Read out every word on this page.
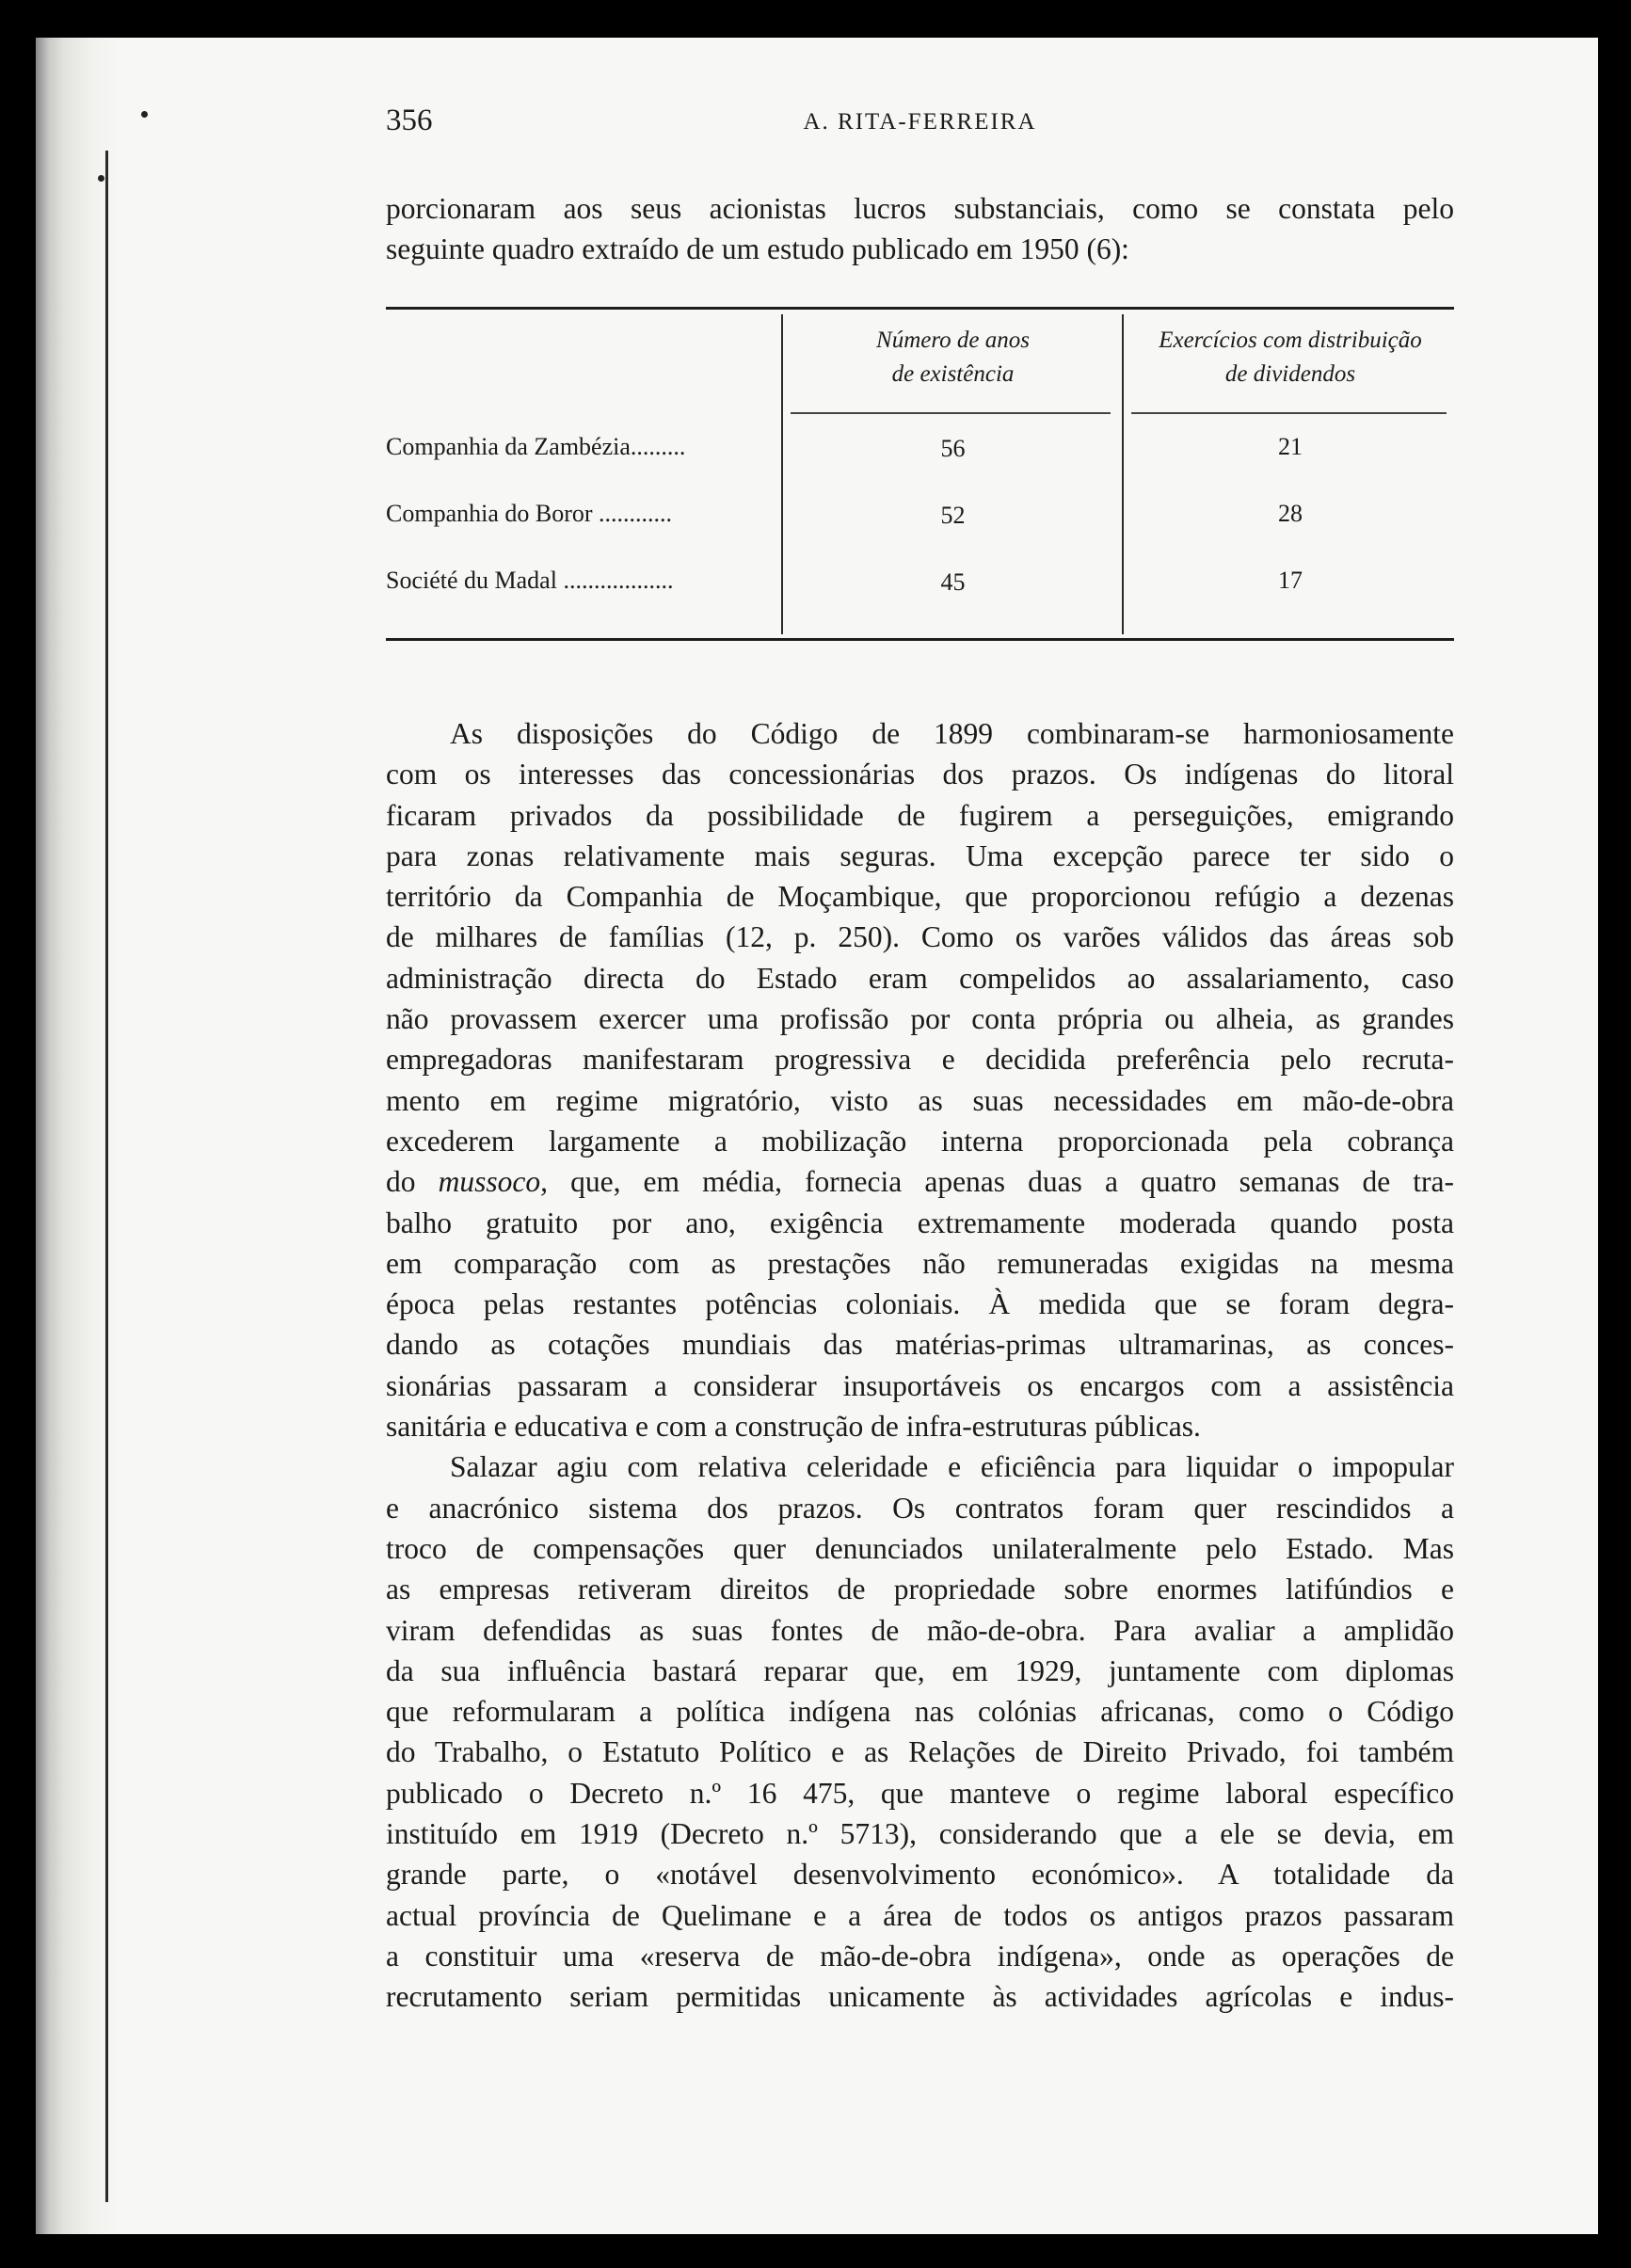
356	A. RITA-FERREIRA
porcionaram aos seus acionistas lucros substanciais, como se constata pelo
seguinte quadro extraído de um estudo publicado em 1950 (6):
Número de anos
de existência
Exercícios com distribuição
de dividendos
Companhia da Zambézia.........	56	21
Companhia do Boror ............	52	28
Société du Madal ..................	45	17
As disposições do Código de 1899 combinaram-se harmoniosamente
com os interesses das concessionárias dos prazos. Os indígenas do litoral
ficaram privados da possibilidade de fugirem a perseguições, emigrando
para zonas relativamente mais seguras. Uma excepção parece ter sido o
território da Companhia de Moçambique, que proporcionou refúgio a dezenas
de milhares de famílias (12, p. 250). Como os varões válidos das áreas sob
administração directa do Estado eram compelidos ao assalariamento, caso
não provassem exercer uma profissão por conta própria ou alheia, as grandes
empregadoras manifestaram progressiva e decidida preferência pelo recruta-
mento em regime migratório, visto as suas necessidades em mão-de-obra
excederem largamente a mobilização interna proporcionada pela cobrança
do mussoco, que, em média, fornecia apenas duas a quatro semanas de tra-
balho gratuito por ano, exigência extremamente moderada quando posta
em comparação com as prestações não remuneradas exigidas na mesma
época pelas restantes potências coloniais. À medida que se foram degra-
dando as cotações mundiais das matérias-primas ultramarinas, as conces-
sionárias passaram a considerar insuportáveis os encargos com a assistência
sanitária e educativa e com a construção de infra-estruturas públicas.
Salazar agiu com relativa celeridade e eficiência para liquidar o impopular
e anacrónico sistema dos prazos. Os contratos foram quer rescindidos a
troco de compensações quer denunciados unilateralmente pelo Estado. Mas
as empresas retiveram direitos de propriedade sobre enormes latifúndios e
viram defendidas as suas fontes de mão-de-obra. Para avaliar a amplidão
da sua influência bastará reparar que, em 1929, juntamente com diplomas
que reformularam a política indígena nas colónias africanas, como o Código
do Trabalho, o Estatuto Político e as Relações de Direito Privado, foi também
publicado o Decreto n.º 16 475, que manteve o regime laboral específico
instituído em 1919 (Decreto n.º 5713), considerando que a ele se devia, em
grande parte, o «notável desenvolvimento económico». A totalidade da
actual província de Quelimane e a área de todos os antigos prazos passaram
a constituir uma «reserva de mão-de-obra indígena», onde as operações de
recrutamento seriam permitidas unicamente às actividades agrícolas e indus-
